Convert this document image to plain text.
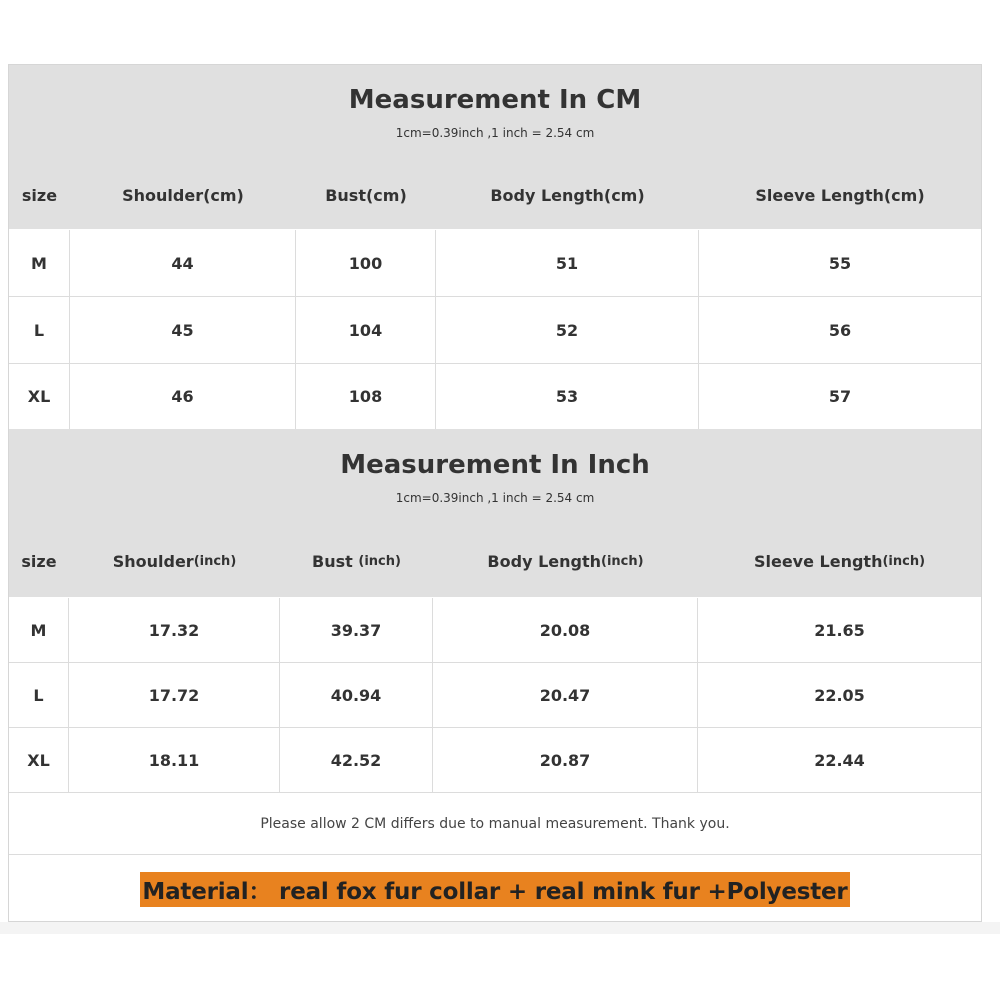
Measurement In CM
1cm=0.39inch ,1 inch = 2.54 cm
size	Shoulder(cm)	Bust(cm)	Body Length(cm)	Sleeve Length(cm)
M	44	100	51	55
L	45	104	52	56
XL	46	108	53	57
Measurement In Inch
1cm=0.39inch ,1 inch = 2.54 cm
size	Shoulder (inch)	Bust (inch)	Body Length (inch)	Sleeve Length (inch)
M	17.32	39.37	20.08	21.65
L	17.72	40.94	20.47	22.05
XL	18.11	42.52	20.87	22.44
Please allow 2 CM differs due to manual measurement. Thank you.
Material： real fox fur collar + real mink fur +Polyester
